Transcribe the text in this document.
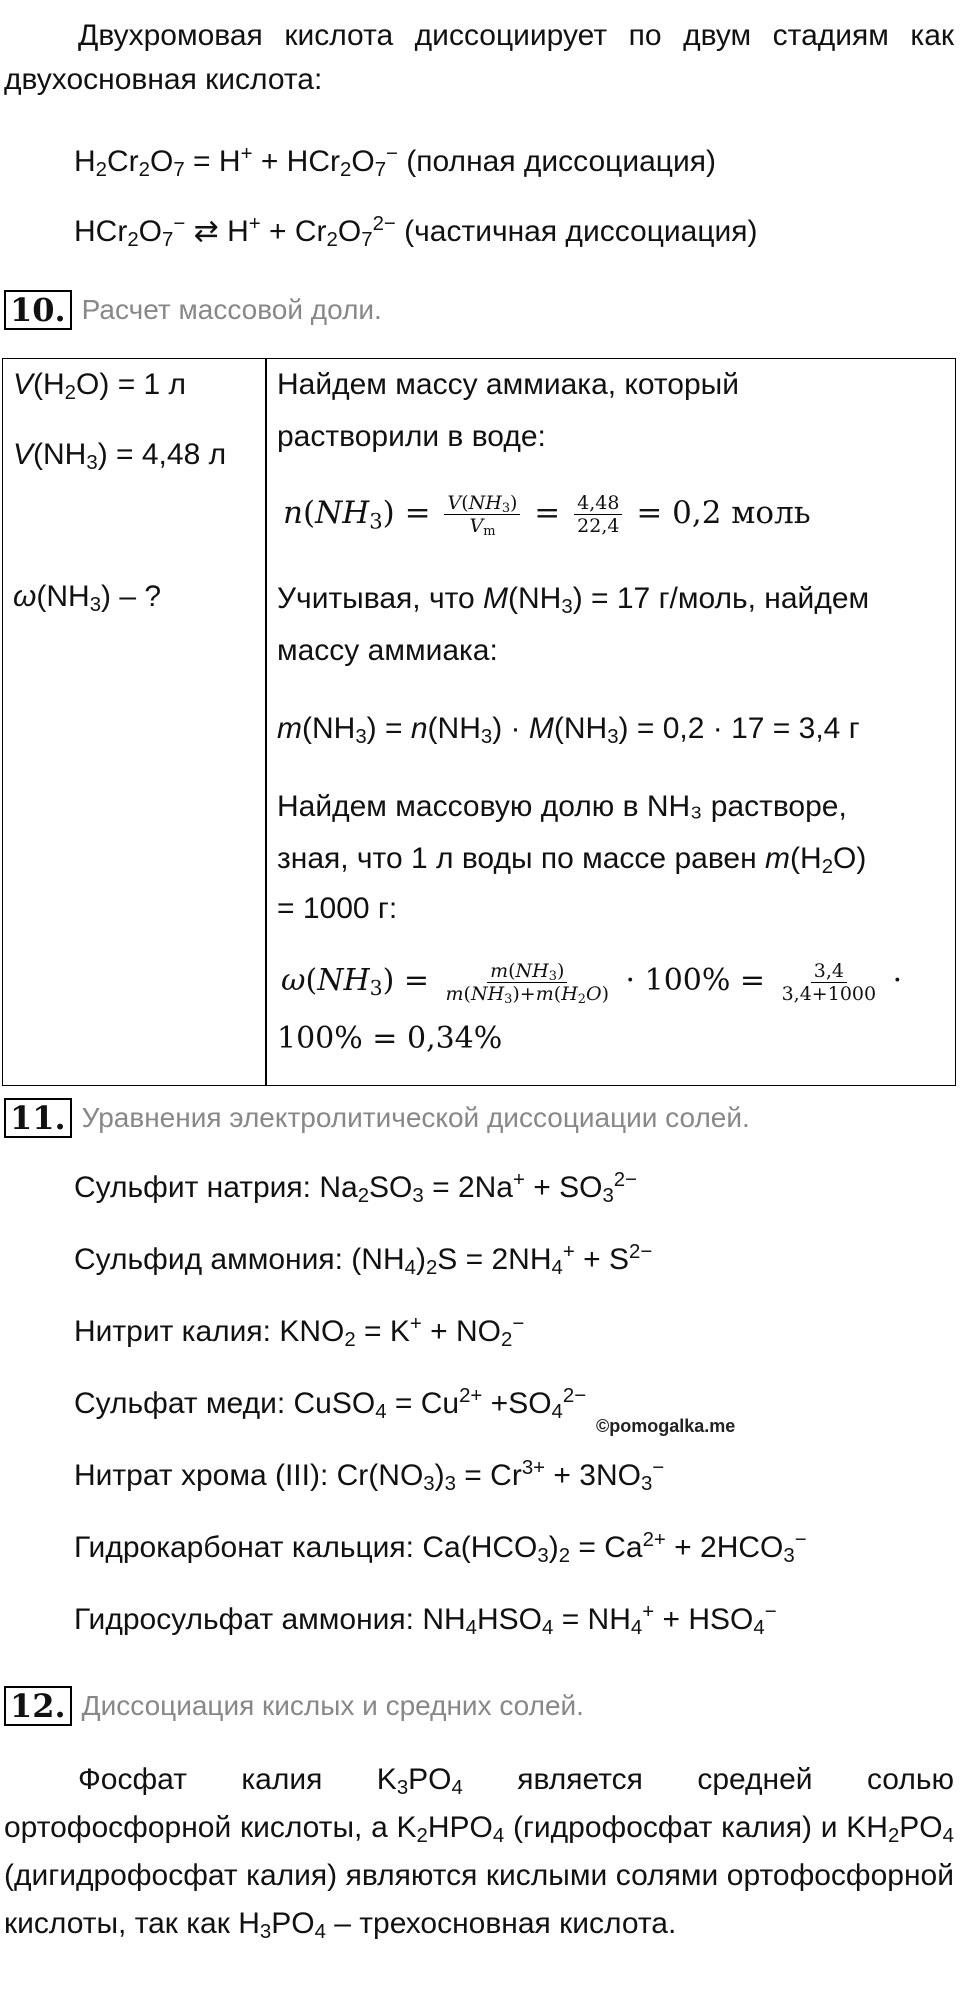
Двухромовая кислота диссоциирует по двум стадиям как двухосновная кислота:

$H_2Cr_2O_7 = H^+ + HCr_2O_7^-$ (полная диссоциация)
$HCr_2O_7^-$ ⇄ $H^+ + Cr_2O_7^{2-}$ (частичная диссоциация)
10. Расчет массовой доли.
$V(H_2O) = 1$ л
$V(NH_3) = 4,48$ л
$\omega(NH_3)$ – ?
Найдем массу аммиака, который
растворили в воде:
$n(NH_3) = \frac{V(NH_3)}{V_m} = \frac{4,48}{22,4} = 0,2$ моль
Учитывая, что $M(NH_3) = 17$ г/моль, найдем
массу аммиака:
$m(NH_3) = n(NH_3) \cdot M(NH_3) = 0,2 \cdot 17 = 3,4$ г
Найдем массовую долю в NH₃ растворе,
зная, что 1 л воды по массе равен $m(H_2O)$
= 1000 г:
$\omega(NH_3) = \frac{m(NH_3)}{m(NH_3)+m(H_2O)} \cdot 100\% = \frac{3,4}{3,4+1000}$ ·
100% = 0,34%
11. Уравнения электролитической диссоциации солей.
Сульфит натрия: $Na_2SO_3 = 2Na^+ + SO_3^{2-}$
Сульфид аммония: $(NH_4)_2S = 2NH_4^+ + S^{2-}$
Нитрит калия: $KNO_2 = K^+ + NO_2^-$
Сульфат меди: CuSO$_4$ = $Cu^{2+} +SO_4^{2-}$
©pomogalka.me
Нитрат хрома (III): $Cr(NO_3)_3 = Cr^{3+} + 3NO_3^-$
Гидрокарбонат кальция: $Ca(HCO_3)_2 = Ca^{2+} + 2HCO_3^-$
Гидросульфат аммония: $NH_4HSO_4 = NH_4^+ + HSO_4^-$
12. Диссоциация кислых и средних солей.

Фосфат калия $K_3PO_4$ является средней солью ортофосфорной кислоты, а $K_2HPO_4$ (гидрофосфат калия) и $KH_2PO_4$ (дигидрофосфат калия) являются кислыми солями ортофосфорной кислоты, так как $H_3PO_4$ – трехосновная кислота.
